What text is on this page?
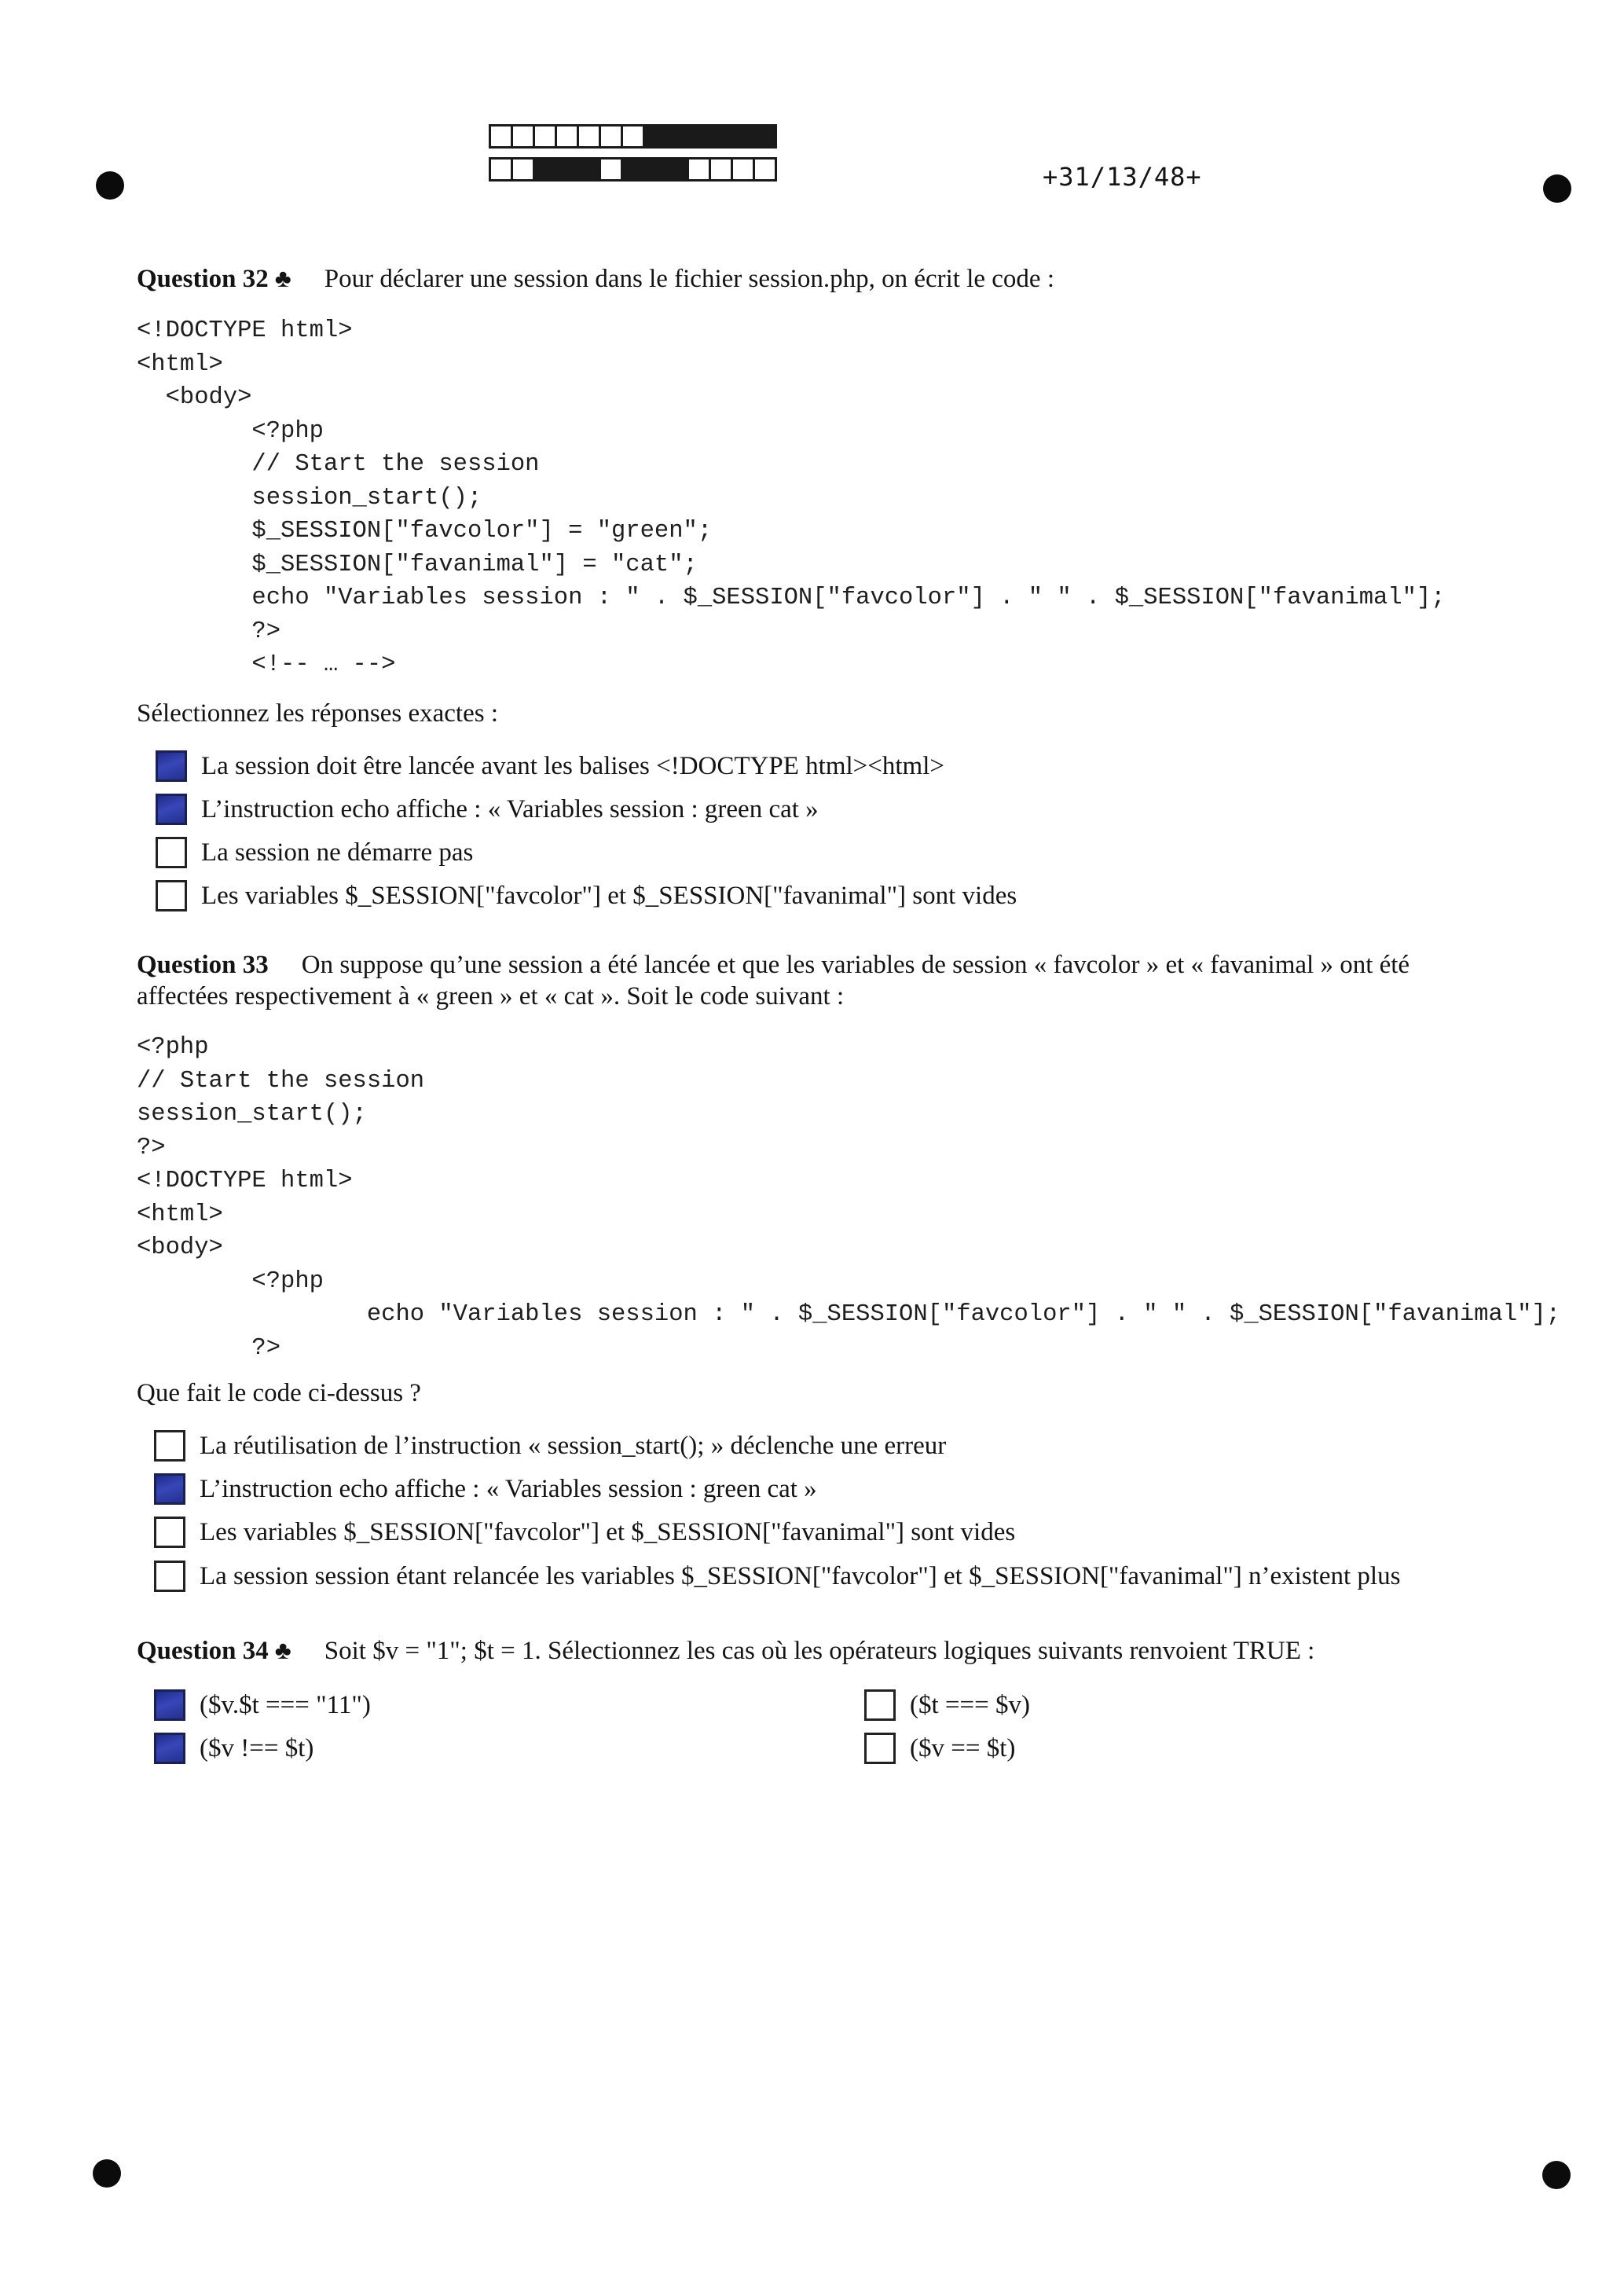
+31/13/48+
Question 32 ♣ Pour déclarer une session dans le fichier session.php, on écrit le code :
<!DOCTYPE html>
<html>
<body>
<?php
// Start the session
session_start();
$_SESSION["favcolor"] = "green";
$_SESSION["favanimal"] = "cat";
echo "Variables session : " . $_SESSION["favcolor"] . " " . $_SESSION["favanimal"];
?>
<!-- … -->
Sélectionnez les réponses exactes :
La session doit être lancée avant les balises <!DOCTYPE html><html>
L’instruction echo affiche : « Variables session : green cat »
La session ne démarre pas
Les variables $_SESSION["favcolor"] et $_SESSION["favanimal"] sont vides
Question 33 On suppose qu’une session a été lancée et que les variables de session « favcolor » et « favanimal » ont été
affectées respectivement à « green » et « cat ». Soit le code suivant :
<?php
// Start the session
session_start();
?>
<!DOCTYPE html>
<html>
<body>
<?php
echo "Variables session : " . $_SESSION["favcolor"] . " " . $_SESSION["favanimal"];
?>
Que fait le code ci-dessus ?
La réutilisation de l’instruction « session_start(); » déclenche une erreur
L’instruction echo affiche : « Variables session : green cat »
Les variables $_SESSION["favcolor"] et $_SESSION["favanimal"] sont vides
La session session étant relancée les variables $_SESSION["favcolor"] et $_SESSION["favanimal"] n’existent plus
Question 34 ♣ Soit $v = "1"; $t = 1. Sélectionnez les cas où les opérateurs logiques suivants renvoient TRUE :
($v.$t === "11")
($v !== $t)
($t === $v)
($v == $t)
